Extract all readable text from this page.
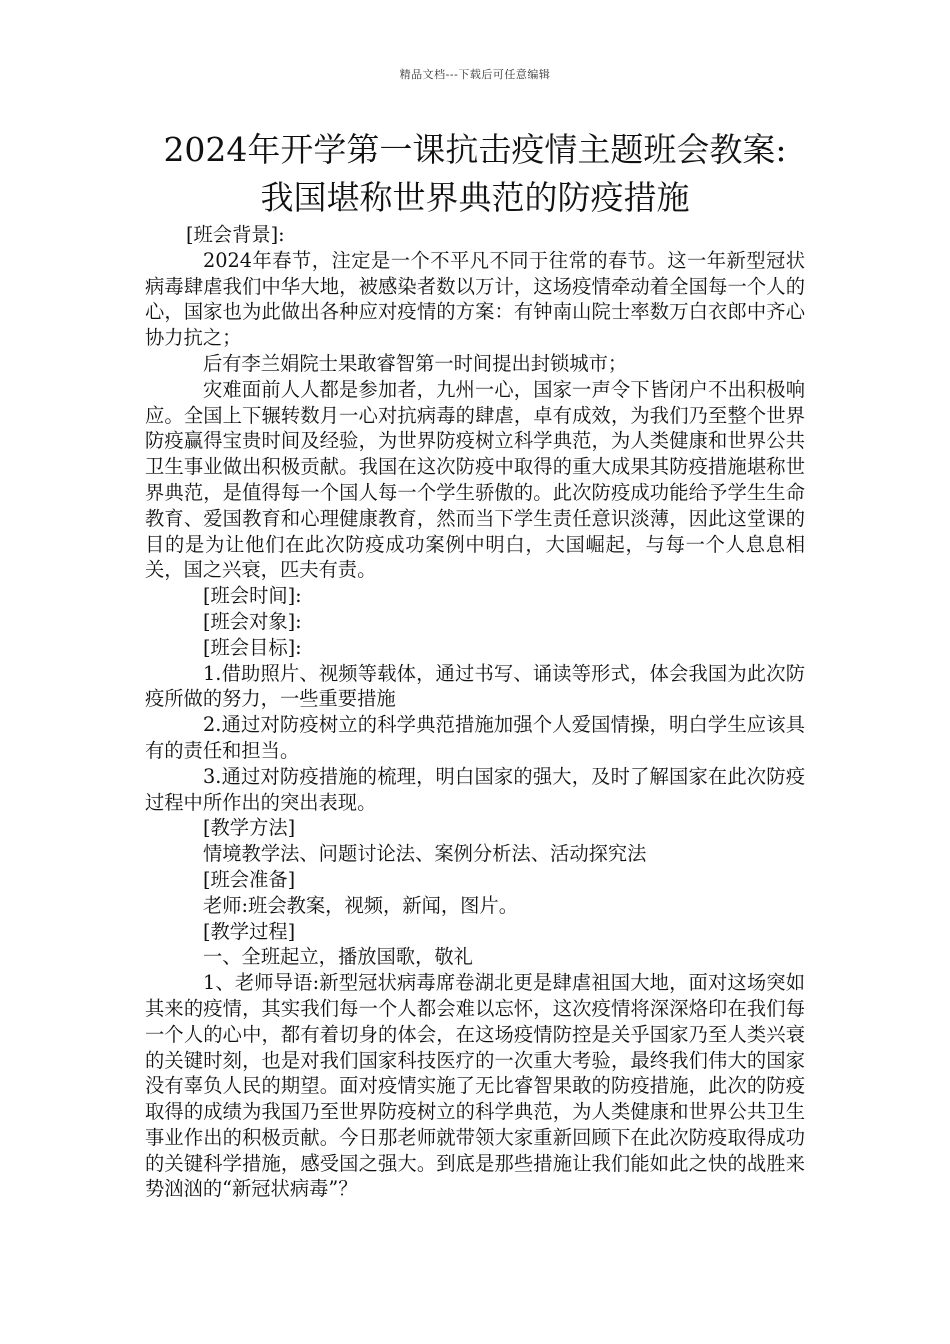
精品文档---下载后可任意编辑
2024年开学第一课抗击疫情主题班会教案:
我国堪称世界典范的防疫措施

[班会背景]:

2024年春节，注定是一个不平凡不同于往常的春节。这一年新型冠状病毒肆虐我们中华大地，被感染者数以万计，这场疫情牵动着全国每一个人的心，国家也为此做出各种应对疫情的方案：有钟南山院士率数万白衣郎中齐心协力抗之；

后有李兰娟院士果敢睿智第一时间提出封锁城市；

灾难面前人人都是参加者，九州一心，国家一声令下皆闭户不出积极响应。全国上下辗转数月一心对抗病毒的肆虐，卓有成效，为我们乃至整个世界防疫赢得宝贵时间及经验，为世界防疫树立科学典范，为人类健康和世界公共卫生事业做出积极贡献。我国在这次防疫中取得的重大成果其防疫措施堪称世界典范，是值得每一个国人每一个学生骄傲的。此次防疫成功能给予学生生命教育、爱国教育和心理健康教育，然而当下学生责任意识淡薄，因此这堂课的目的是为让他们在此次防疫成功案例中明白，大国崛起，与每一个人息息相关，国之兴衰，匹夫有责。

[班会时间]:

[班会对象]:

[班会目标]:

1.借助照片、视频等载体，通过书写、诵读等形式，体会我国为此次防疫所做的努力，一些重要措施

2.通过对防疫树立的科学典范措施加强个人爱国情操，明白学生应该具有的责任和担当。

3.通过对防疫措施的梳理，明白国家的强大，及时了解国家在此次防疫过程中所作出的突出表现。

[教学方法]

情境教学法、问题讨论法、案例分析法、活动探究法

[班会准备]

老师:班会教案，视频，新闻，图片。

[教学过程]

一、全班起立，播放国歌，敬礼

1、老师导语:新型冠状病毒席卷湖北更是肆虐祖国大地，面对这场突如其来的疫情，其实我们每一个人都会难以忘怀，这次疫情将深深烙印在我们每一个人的心中，都有着切身的体会，在这场疫情防控是关乎国家乃至人类兴衰的关键时刻，也是对我们国家科技医疗的一次重大考验，最终我们伟大的国家没有辜负人民的期望。面对疫情实施了无比睿智果敢的防疫措施，此次的防疫取得的成绩为我国乃至世界防疫树立的科学典范，为人类健康和世界公共卫生事业作出的积极贡献。今日那老师就带领大家重新回顾下在此次防疫取得成功的关键科学措施，感受国之强大。到底是那些措施让我们能如此之快的战胜来势汹汹的“新冠状病毒”？
